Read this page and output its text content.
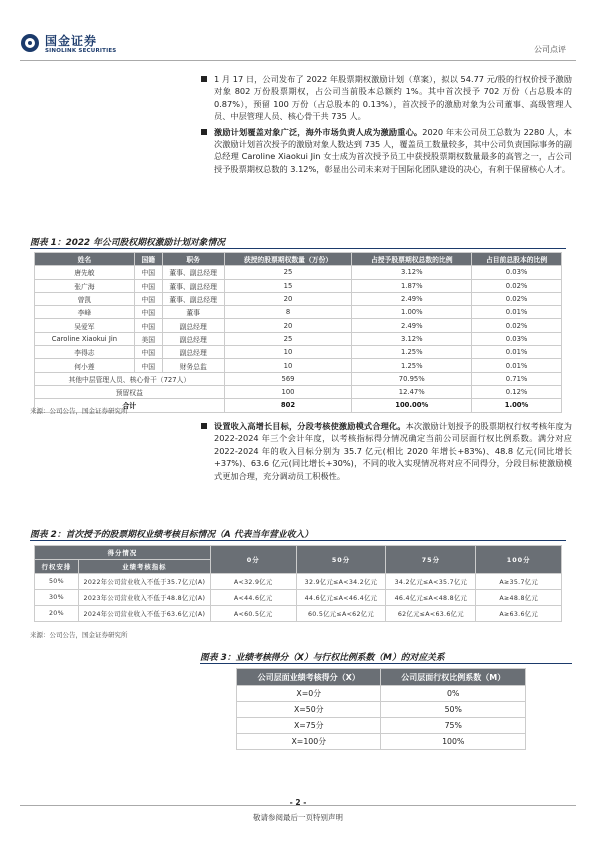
国金证券
SINOLINK SECURITIES	公司点评
1 月 17 日，公司发布了 2022 年股票期权激励计划（草案），拟以 54.77 元/股的行权价授予激励对象 802 万份股票期权，占公司当前股本总额约 1%。其中首次授予 702 万份（占总股本的 0.87%），预留 100 万份（占总股本的 0.13%），首次授予的激励对象为公司董事、高级管理人员、中层管理人员、核心骨干共 735 人。
激励计划覆盖对象广泛，海外市场负责人成为激励重心。2020 年末公司员工总数为 2280 人，本次激励计划首次授予的激励对象人数达到 735 人，覆盖员工数量较多，其中公司负责国际事务的副总经理 Caroline Xiaokui Jin 女士成为首次授予员工中获授股票期权数量最多的高管之一，占公司授予股票期权总数的 3.12%，彰显出公司未来对于国际化团队建设的决心，有利于保留核心人才。
图表 1：2022 年公司股权期权激励计划对象情况
姓名	国籍	职务	获授的股票期权数量（万份）	占授予股票期权总数的比例	占目前总股本的比例
唐先敏	中国	董事、副总经理	25	3.12%	0.03%
张广海	中国	董事、副总经理	15	1.87%	0.02%
曾凯	中国	董事、副总经理	20	2.49%	0.02%
李峰	中国	董事	8	1.00%	0.01%
吴爱军	中国	副总经理	20	2.49%	0.02%
Caroline Xiaokui Jin	美国	副总经理	25	3.12%	0.03%
李得志	中国	副总经理	10	1.25%	0.01%
何小莲	中国	财务总监	10	1.25%	0.01%
其他中层管理人员、核心骨干（727人）			569	70.95%	0.71%
预留权益			100	12.47%	0.12%
合计			802	100.00%	1.00%
来源：公司公告，国金证券研究所
设置收入高增长目标，分段考核使激励模式合理化。本次激励计划授予的股票期权行权考核年度为 2022-2024 年三个会计年度，以考核指标得分情况确定当前公司层面行权比例系数。满分对应 2022-2024 年的收入目标分别为 35.7 亿元(相比 2020 年增长+83%)、48.8 亿元(同比增长+37%)、63.6 亿元(同比增长+30%)，不同的收入实现情况将对应不同得分，分段目标使激励模式更加合理，充分调动员工积极性。
图表 2：首次授予的股票期权业绩考核目标情况（A 代表当年营业收入）
得分情况		0分	50分	75分	100分
行权安排	业绩考核指标				
50%	2022年公司营业收入不低于35.7亿元(A)	A<32.9亿元	32.9亿元≤A<34.2亿元	34.2亿元≤A<35.7亿元	A≥35.7亿元
30%	2023年公司营业收入不低于48.8亿元(A)	A<44.6亿元	44.6亿元≤A<46.4亿元	46.4亿元≤A<48.8亿元	A≥48.8亿元
20%	2024年公司营业收入不低于63.6亿元(A)	A<60.5亿元	60.5亿元≤A<62亿元	62亿元≤A<63.6亿元	A≥63.6亿元
来源：公司公告，国金证券研究所
图表 3：业绩考核得分（X）与行权比例系数（M）的对应关系
公司层面业绩考核得分（X）	公司层面行权比例系数（M）
X=0分	0%
X=50分	50%
X=75分	75%
X=100分	100%
- 2 -
敬请参阅最后一页特别声明
